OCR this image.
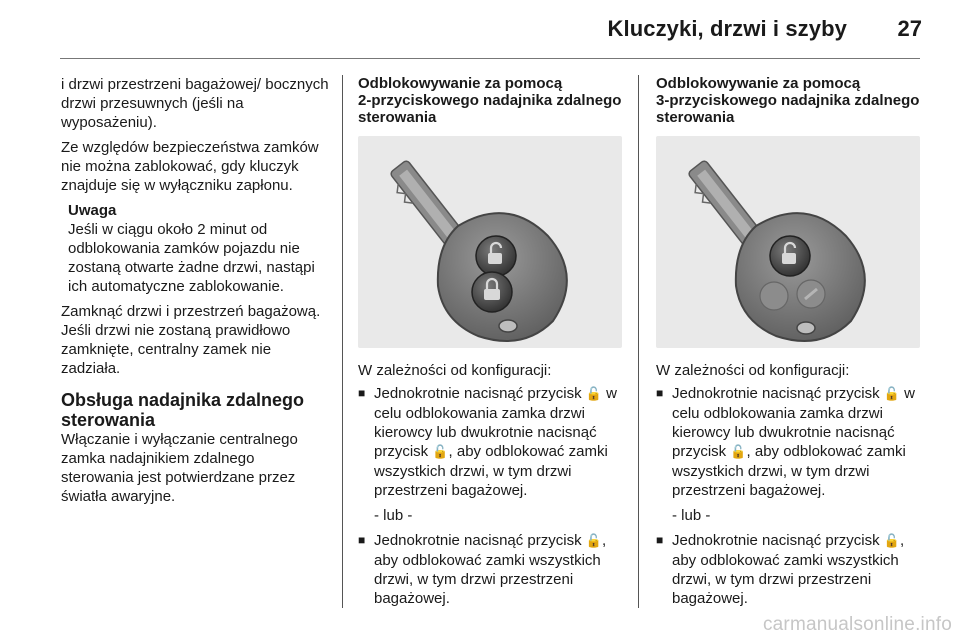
Kluczyki, drzwi i szyby 27

i drzwi przestrzeni bagażowej/ bocznych drzwi przesuwnych (jeśli na wyposażeniu).

Ze względów bezpieczeństwa zamków nie można zablokować, gdy kluczyk znajduje się w wyłączniku zapłonu.

Uwaga
Jeśli w ciągu około 2 minut od odblokowania zamków pojazdu nie zostaną otwarte żadne drzwi, nastąpi ich automatyczne zablokowanie.

Zamknąć drzwi i przestrzeń bagażową. Jeśli drzwi nie zostaną prawidłowo zamknięte, centralny zamek nie zadziała.

Obsługa nadajnika zdalnego sterowania

Włączanie i wyłączanie centralnego zamka nadajnikiem zdalnego sterowania jest potwierdzane przez światła awaryjne.

Odblokowywanie za pomocą
2-przyciskowego nadajnika zdalnego
sterowania
W zależności od konfiguracji:
■ Jednokrotnie nacisnąć przycisk 🔓 w celu odblokowania zamka drzwi kierowcy lub dwukrotnie nacisnąć przycisk 🔓, aby odblokować zamki wszystkich drzwi, w tym drzwi przestrzeni bagażowej.
- lub -
■ Jednokrotnie nacisnąć przycisk 🔓, aby odblokować zamki wszystkich drzwi, w tym drzwi przestrzeni bagażowej.
Odblokowywanie za pomocą
3-przyciskowego nadajnika zdalnego
sterowania
W zależności od konfiguracji:
■ Jednokrotnie nacisnąć przycisk 🔓 w celu odblokowania zamka drzwi kierowcy lub dwukrotnie nacisnąć przycisk 🔓, aby odblokować zamki wszystkich drzwi, w tym drzwi przestrzeni bagażowej.
- lub -
■ Jednokrotnie nacisnąć przycisk 🔓, aby odblokować zamki wszystkich drzwi, w tym drzwi przestrzeni bagażowej.
carmanualsonline.info
